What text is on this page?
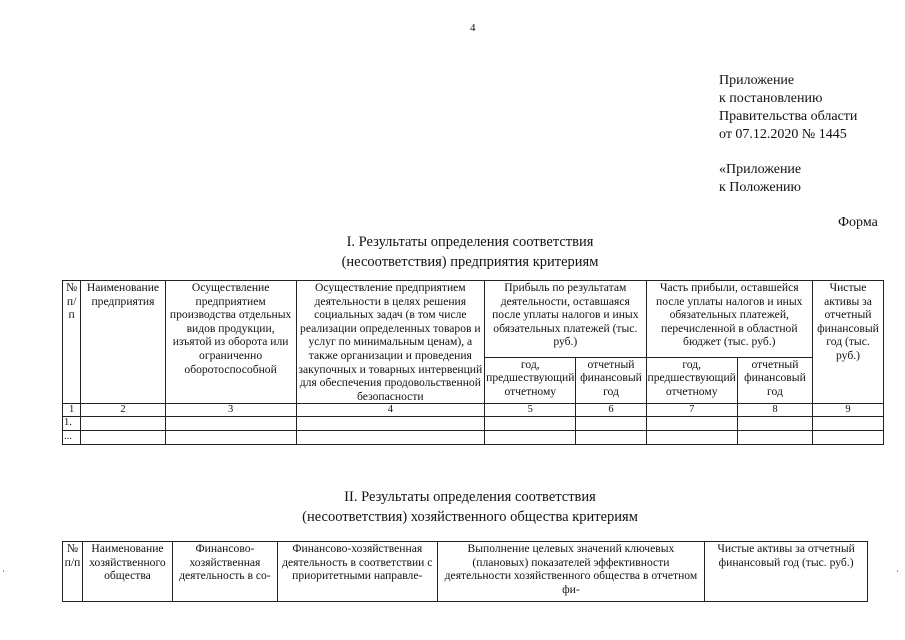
4
Приложение
к постановлению
Правительства области
от 07.12.2020 № 1445
«Приложение
к Положению
Форма
I. Результаты определения соответствия
(несоответствия) предприятия критериям
№ п/п	Наименование предприятия	Осуществление предприятием производства отдельных видов продукции, изъятой из оборота или ограниченно оборотоспособной	Осуществление предприятием деятельности в целях решения социальных задач (в том числе реализации определенных товаров и услуг по минимальным ценам), а также организации и проведения закупочных и товарных интервенций для обеспечения продовольственной безопасности	Прибыль по результатам деятельности, оставшаяся после уплаты налогов и иных обязательных платежей (тыс. руб.)		Часть прибыли, оставшейся после уплаты налогов и иных обязательных платежей, перечисленной в областной бюджет (тыс. руб.)		Чистые активы за отчетный финансовый год (тыс. руб.)
				год, предшествующий отчетному	отчетный финансовый год	год, предшествующий отчетному	отчетный финансовый год	
1	2	3	4	5	6	7	8	9
1.								
...								
II. Результаты определения соответствия
(несоответствия) хозяйственного общества критериям
№ п/п	Наименование хозяйственного общества	Финансово-хозяйственная деятельность в со-	Финансово-хозяйственная деятельность в соответствии с приоритетными направле-	Выполнение целевых значений ключевых (плановых) показателей эффективности деятельности хозяйственного общества в отчетном фи-	Чистые активы за отчетный финансовый год (тыс. руб.)
·	·
